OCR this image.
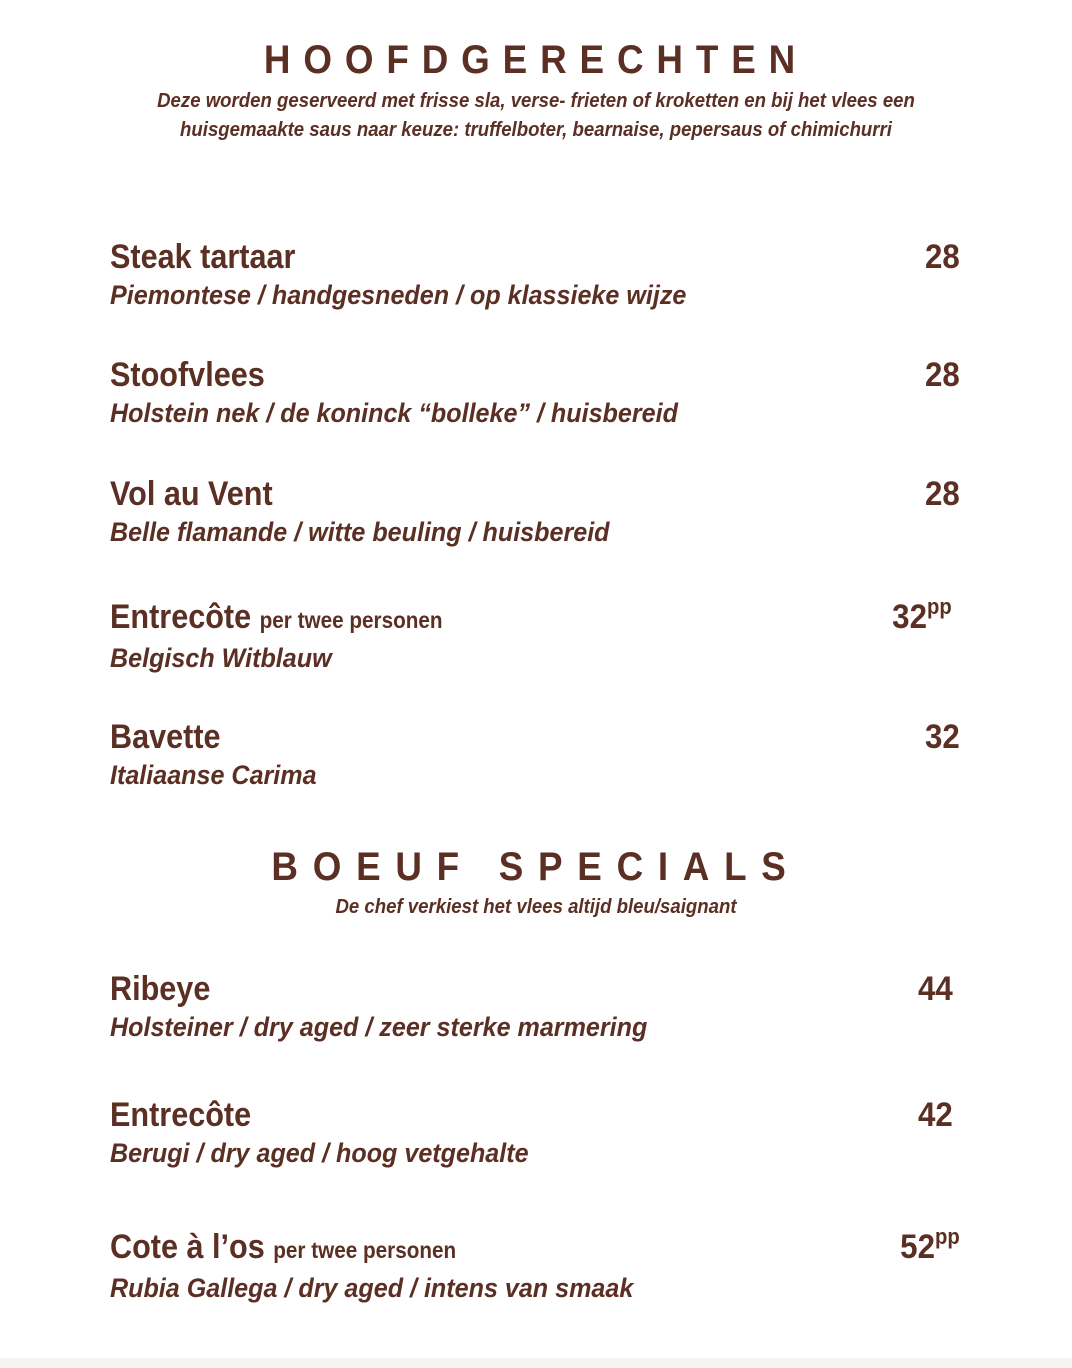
HOOFDGERECHTEN

Deze worden geserveerd met frisse sla, verse- frieten of kroketten en bij het vlees een

huisgemaakte saus naar keuze: truffelboter, bearnaise, pepersaus of chimichurri

Steak tartaar
Piemontese / handgesneden / op klassieke wijze
28
Stoofvlees
Holstein nek / de koninck “bolleke” / huisbereid
28
Vol au Vent
Belle flamande / witte beuling / huisbereid
28
Entrecôte per twee personen
Belgisch Witblauw
$32^{pp}$
Bavette
Italiaanse Carima
32
BOEUF SPECIALS

De chef verkiest het vlees altijd bleu/saignant

Ribeye
Holsteiner / dry aged / zeer sterke marmering
44
Entrecôte
Berugi / dry aged / hoog vetgehalte
42
Cote à l’os per twee personen
Rubia Gallega / dry aged / intens van smaak
$52^{pp}$
